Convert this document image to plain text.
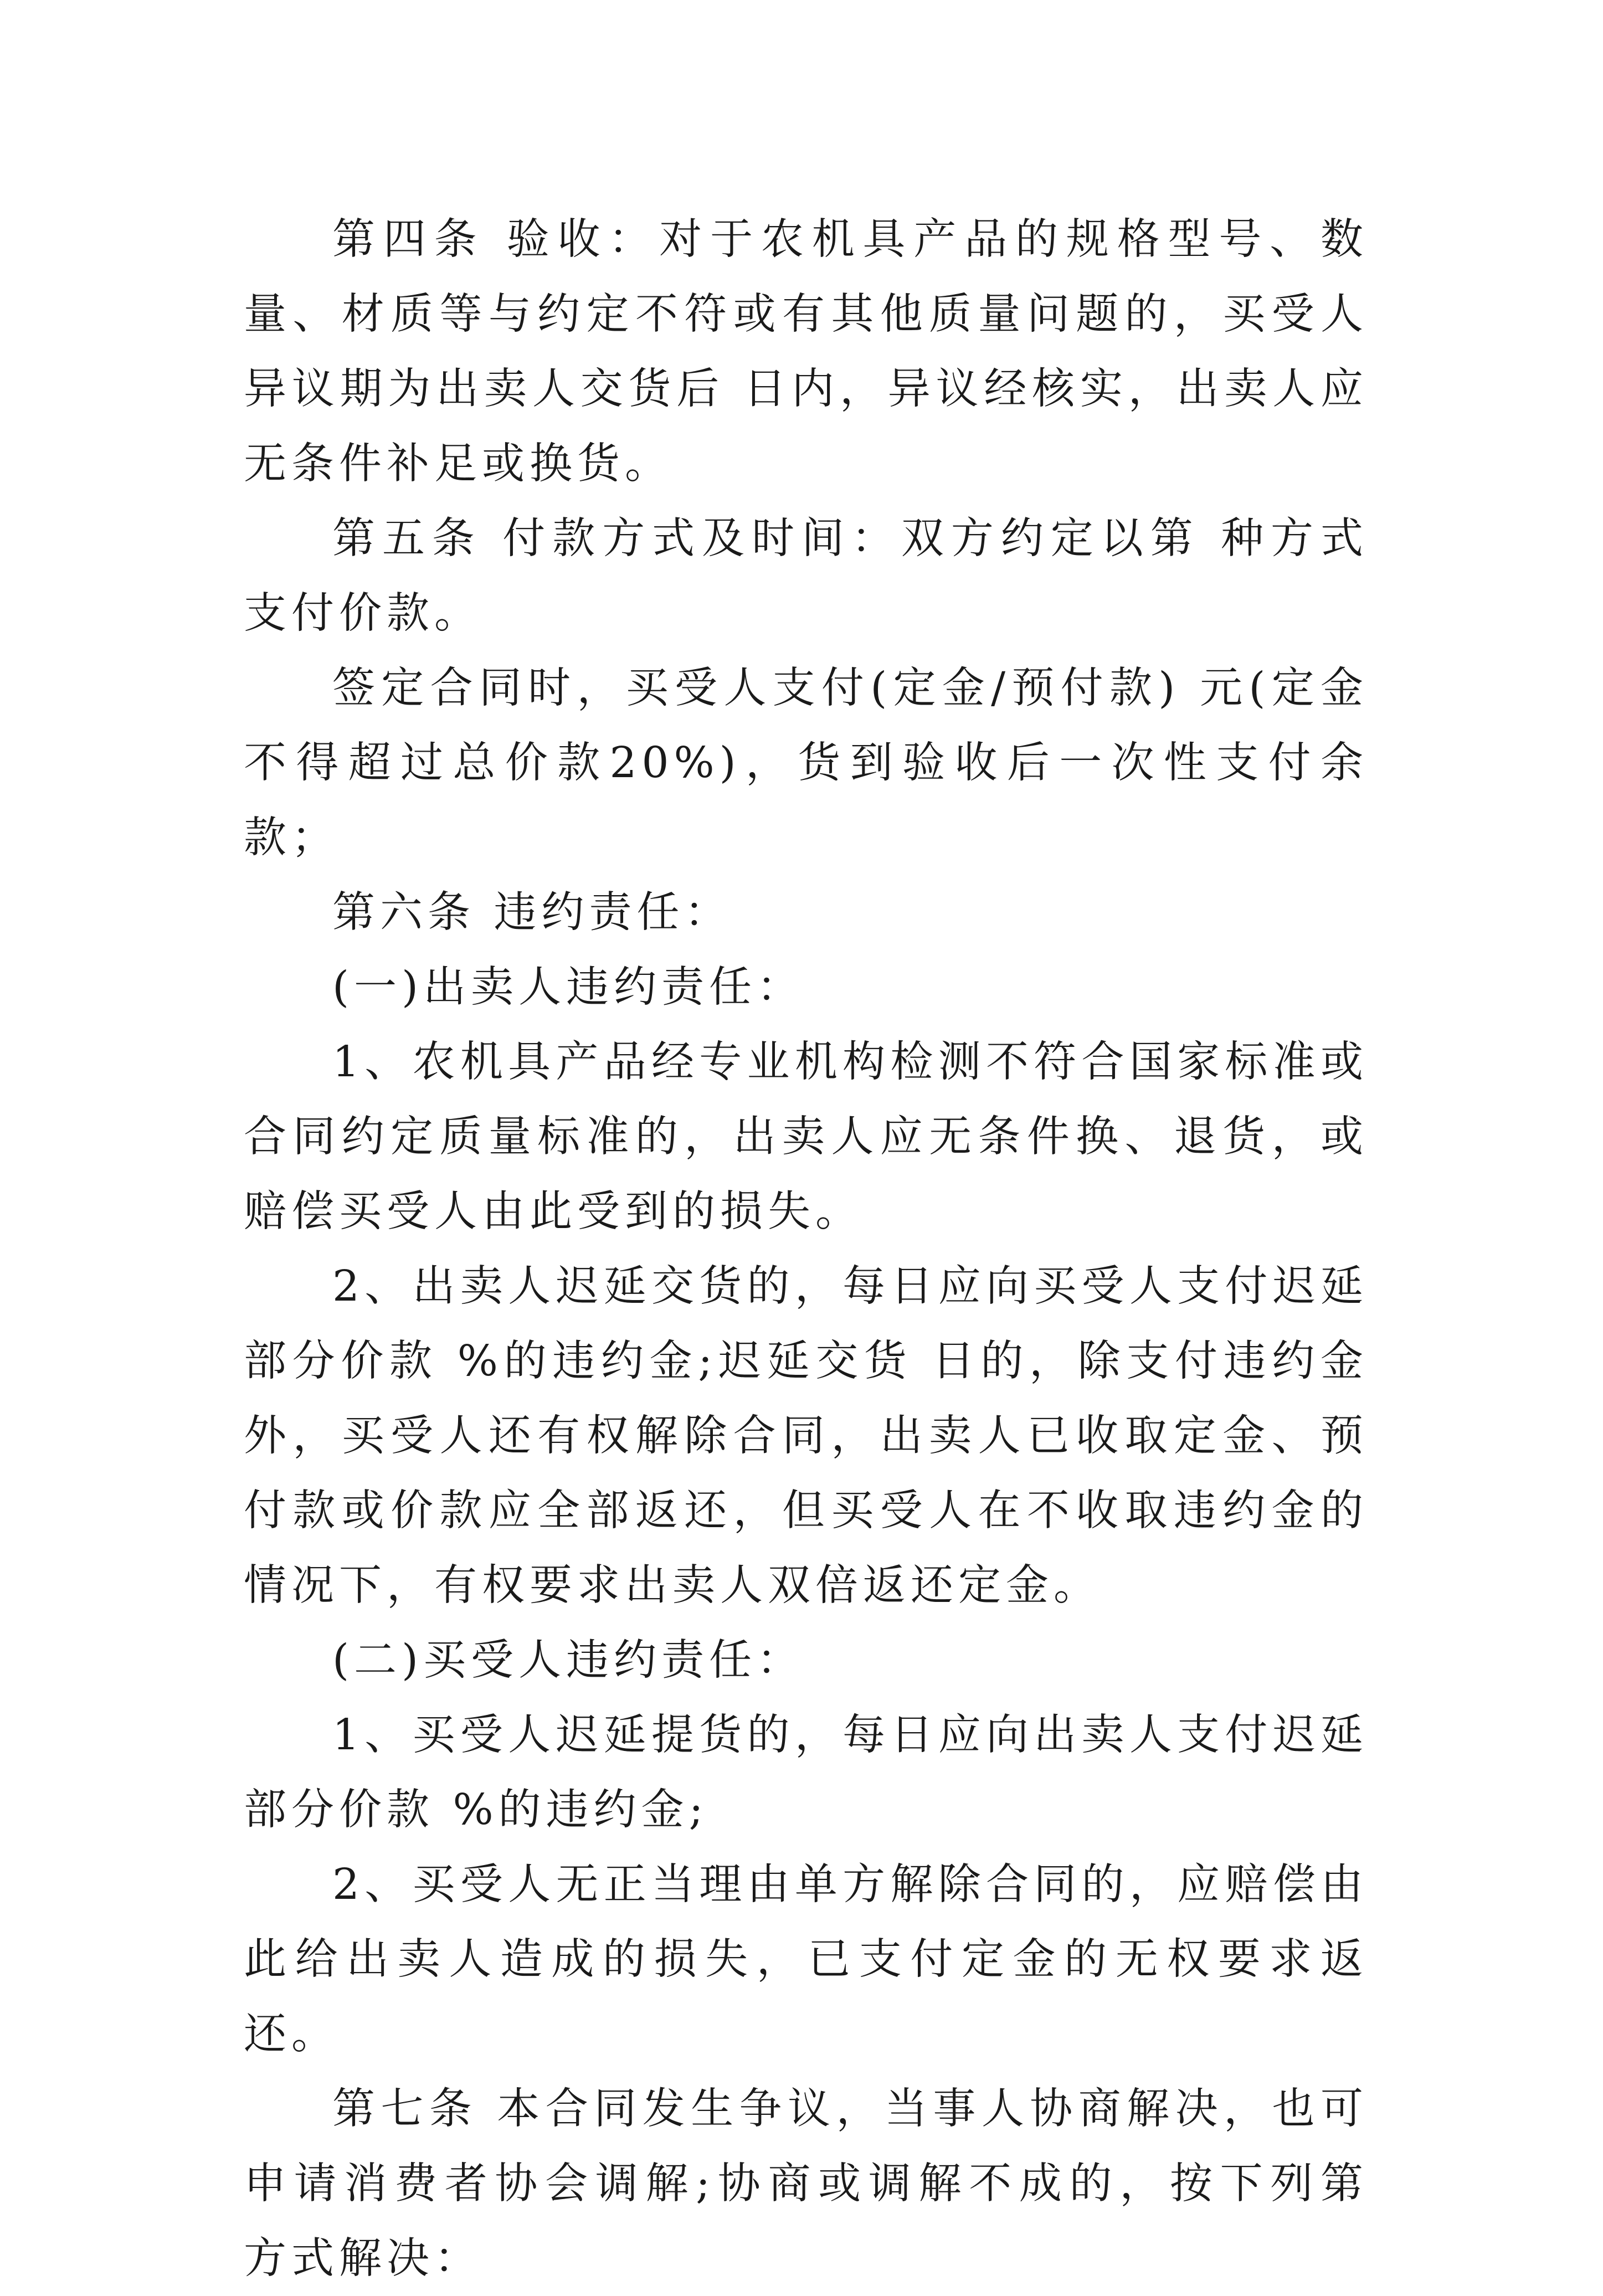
第四条 验收：对于农机具产品的规格型号、数量、材质等与约定不符或有其他质量问题的，买受人异议期为出卖人交货后 日内，异议经核实，出卖人应无条件补足或换货。

第五条 付款方式及时间：双方约定以第 种方式支付价款。

签定合同时，买受人支付(定金/预付款) 元(定金不得超过总价款20%)，货到验收后一次性支付余款；

第六条 违约责任：

(一)出卖人违约责任：

1、农机具产品经专业机构检测不符合国家标准或合同约定质量标准的，出卖人应无条件换、退货，或赔偿买受人由此受到的损失。

2、出卖人迟延交货的，每日应向买受人支付迟延部分价款 %的违约金;迟延交货 日的，除支付违约金外，买受人还有权解除合同，出卖人已收取定金、预付款或价款应全部返还，但买受人在不收取违约金的情况下，有权要求出卖人双倍返还定金。

(二)买受人违约责任：

1、买受人迟延提货的，每日应向出卖人支付迟延部分价款 %的违约金;

2、买受人无正当理由单方解除合同的，应赔偿由此给出卖人造成的损失，已支付定金的无权要求返还。

第七条 本合同发生争议，当事人协商解决，也可申请消费者协会调解;协商或调解不成的，按下列第 方式解决：
